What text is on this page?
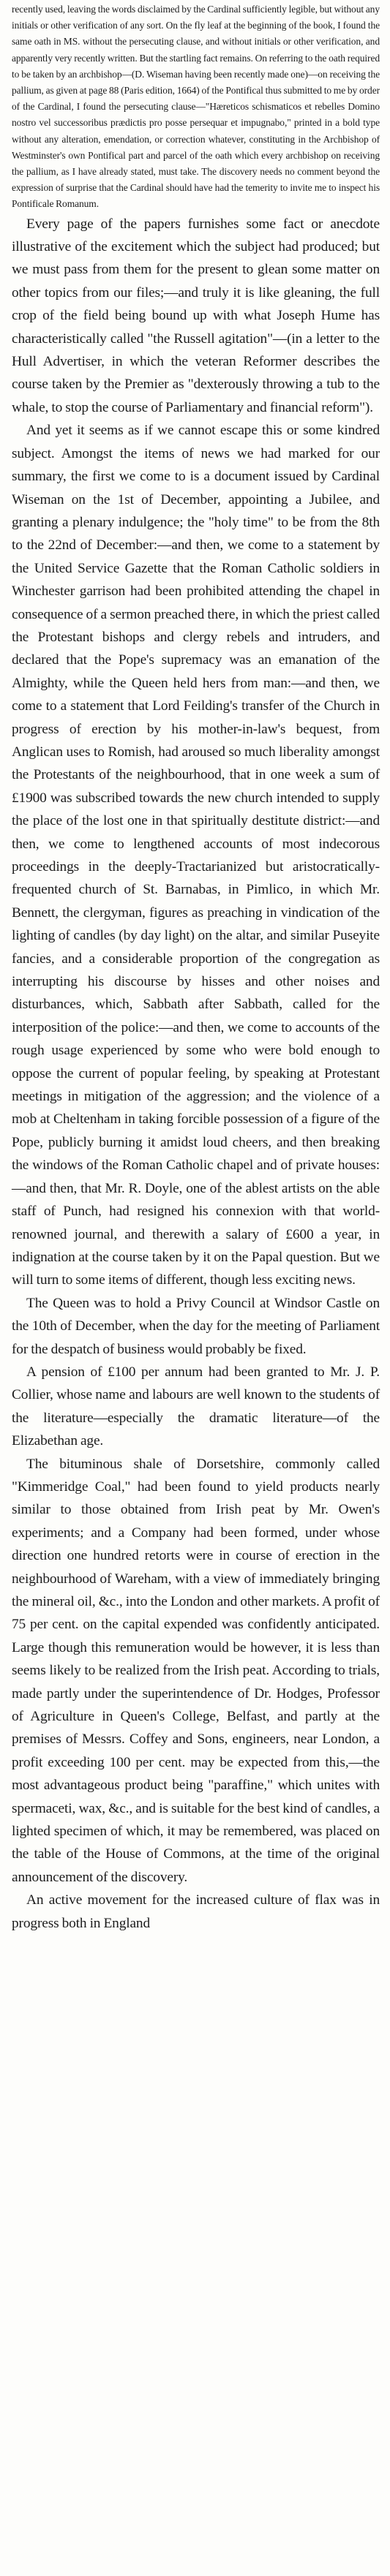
recently used, leaving the words disclaimed by the Cardinal sufficiently legible, but without any initials or other verification of any sort. On the fly leaf at the beginning of the book, I found the same oath in MS. without the persecuting clause, and without initials or other verification, and apparently very recently written. But the startling fact remains. On referring to the oath required to be taken by an archbishop—(D. Wiseman having been recently made one)—on receiving the pallium, as given at page 88 (Paris edition, 1664) of the Pontifical thus submitted to me by order of the Cardinal, I found the persecuting clause—"Hæreticos schismaticos et rebelles Domino nostro vel successoribus prædictis pro posse persequar et impugnabo," printed in a bold type without any alteration, emendation, or correction whatever, constituting in the Archbishop of Westminster's own Pontifical part and parcel of the oath which every archbishop on receiving the pallium, as I have already stated, must take. The discovery needs no comment beyond the expression of surprise that the Cardinal should have had the temerity to invite me to inspect his Pontificale Romanum.

Every page of the papers furnishes some fact or anecdote illustrative of the excitement which the subject had produced; but we must pass from them for the present to glean some matter on other topics from our files;—and truly it is like gleaning, the full crop of the field being bound up with what Joseph Hume has characteristically called "the Russell agitation"—(in a letter to the Hull Advertiser, in which the veteran Reformer describes the course taken by the Premier as "dexterously throwing a tub to the whale, to stop the course of Parliamentary and financial reform").

And yet it seems as if we cannot escape this or some kindred subject. Amongst the items of news we had marked for our summary, the first we come to is a document issued by Cardinal Wiseman on the 1st of December, appointing a Jubilee, and granting a plenary indulgence; the "holy time" to be from the 8th to the 22nd of December:—and then, we come to a statement by the United Service Gazette that the Roman Catholic soldiers in Winchester garrison had been prohibited attending the chapel in consequence of a sermon preached there, in which the priest called the Protestant bishops and clergy rebels and intruders, and declared that the Pope's supremacy was an emanation of the Almighty, while the Queen held hers from man:—and then, we come to a statement that Lord Feilding's transfer of the Church in progress of erection by his mother-in-law's bequest, from Anglican uses to Romish, had aroused so much liberality amongst the Protestants of the neighbourhood, that in one week a sum of £1900 was subscribed towards the new church intended to supply the place of the lost one in that spiritually destitute district:—and then, we come to lengthened accounts of most indecorous proceedings in the deeply-Tractarianized but aristocratically-frequented church of St. Barnabas, in Pimlico, in which Mr. Bennett, the clergyman, figures as preaching in vindication of the lighting of candles (by day light) on the altar, and similar Puseyite fancies, and a considerable proportion of the congregation as interrupting his discourse by hisses and other noises and disturbances, which, Sabbath after Sabbath, called for the interposition of the police:—and then, we come to accounts of the rough usage experienced by some who were bold enough to oppose the current of popular feeling, by speaking at Protestant meetings in mitigation of the aggression; and the violence of a mob at Cheltenham in taking forcible possession of a figure of the Pope, publicly burning it amidst loud cheers, and then breaking the windows of the Roman Catholic chapel and of private houses:—and then, that Mr. R. Doyle, one of the ablest artists on the able staff of Punch, had resigned his connexion with that world-renowned journal, and therewith a salary of £600 a year, in indignation at the course taken by it on the Papal question. But we will turn to some items of different, though less exciting news.

The Queen was to hold a Privy Council at Windsor Castle on the 10th of December, when the day for the meeting of Parliament for the despatch of business would probably be fixed.

A pension of £100 per annum had been granted to Mr. J. P. Collier, whose name and labours are well known to the students of the literature—especially the dramatic literature—of the Elizabethan age.

The bituminous shale of Dorsetshire, commonly called "Kimmeridge Coal," had been found to yield products nearly similar to those obtained from Irish peat by Mr. Owen's experiments; and a Company had been formed, under whose direction one hundred retorts were in course of erection in the neighbourhood of Wareham, with a view of immediately bringing the mineral oil, &c., into the London and other markets. A profit of 75 per cent. on the capital expended was confidently anticipated. Large though this remuneration would be however, it is less than seems likely to be realized from the Irish peat. According to trials, made partly under the superintendence of Dr. Hodges, Professor of Agriculture in Queen's College, Belfast, and partly at the premises of Messrs. Coffey and Sons, engineers, near London, a profit exceeding 100 per cent. may be expected from this,—the most advantageous product being "paraffine," which unites with spermaceti, wax, &c., and is suitable for the best kind of candles, a lighted specimen of which, it may be remembered, was placed on the table of the House of Commons, at the time of the original announcement of the discovery.

An active movement for the increased culture of flax was in progress both in England
